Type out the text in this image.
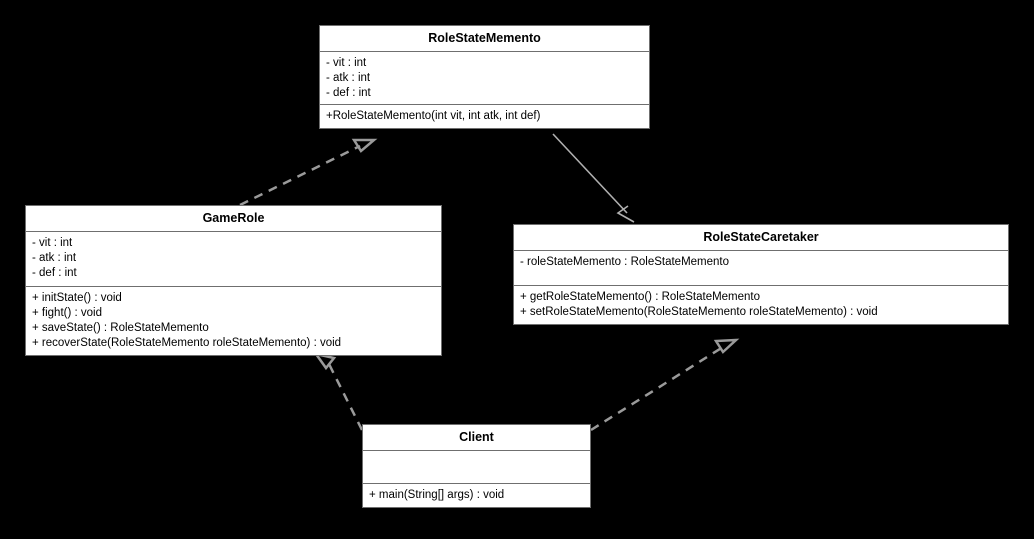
RoleStateMemento
- vit : int
- atk : int
- def : int
+RoleStateMemento(int vit, int atk, int def)
GameRole
- vit : int
- atk : int
- def : int
+ initState() : void
+ fight() : void
+ saveState() : RoleStateMemento
+ recoverState(RoleStateMemento roleStateMemento) : void
RoleStateCaretaker
- roleStateMemento : RoleStateMemento
+ getRoleStateMemento() : RoleStateMemento
+ setRoleStateMemento(RoleStateMemento roleStateMemento) : void
Client
+ main(String[] args) : void
